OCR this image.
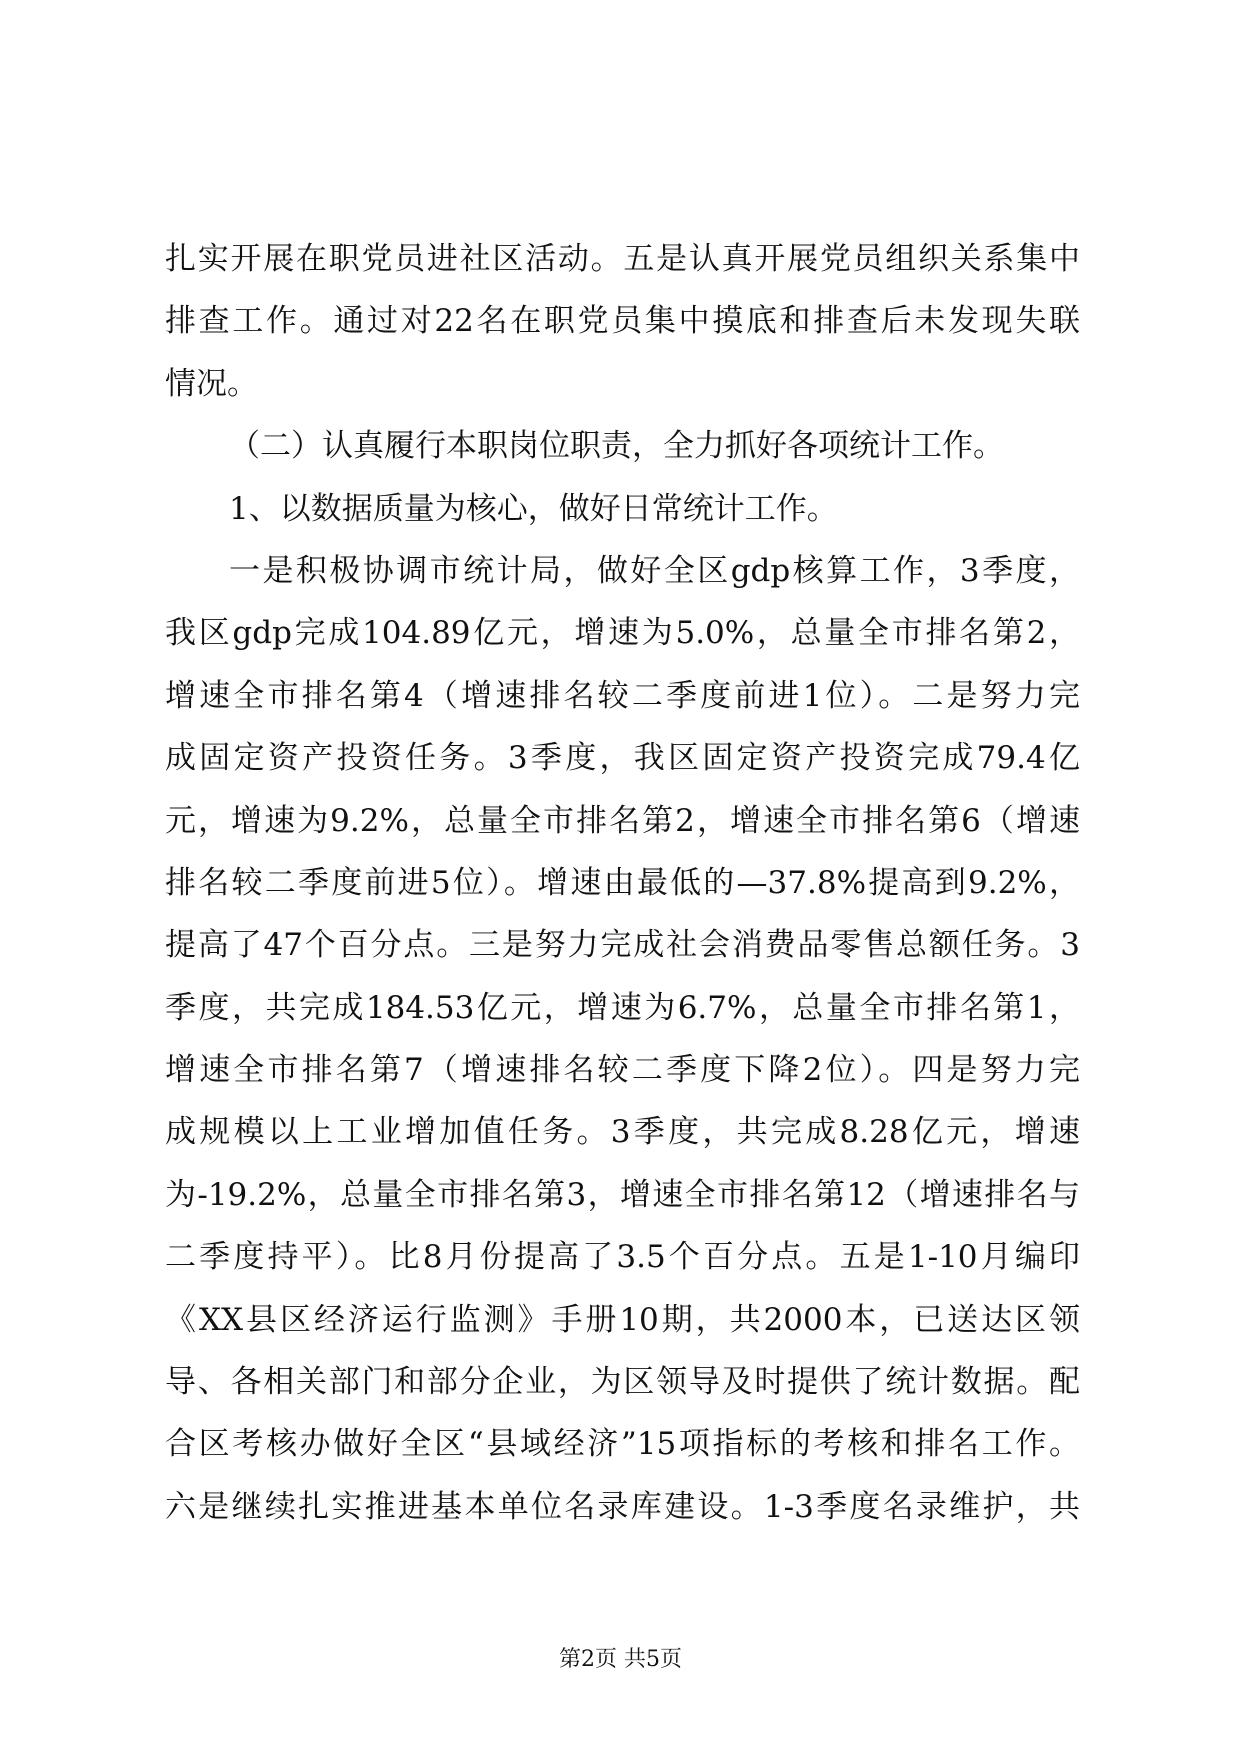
扎实开展在职党员进社区活动。五是认真开展党员组织关系集中
排查工作。通过对22名在职党员集中摸底和排查后未发现失联
情况。
（二）认真履行本职岗位职责，全力抓好各项统计工作。
1、以数据质量为核心，做好日常统计工作。
一是积极协调市统计局，做好全区gdp核算工作，3季度，
我区gdp完成104.89亿元，增速为5.0%，总量全市排名第2，
增速全市排名第4（增速排名较二季度前进1位）。二是努力完
成固定资产投资任务。3季度，我区固定资产投资完成79.4亿
元，增速为9.2%，总量全市排名第2，增速全市排名第6（增速
排名较二季度前进5位）。增速由最低的—37.8%提高到9.2%，
提高了47个百分点。三是努力完成社会消费品零售总额任务。3
季度，共完成184.53亿元，增速为6.7%，总量全市排名第1，
增速全市排名第7（增速排名较二季度下降2位）。四是努力完
成规模以上工业增加值任务。3季度，共完成8.28亿元，增速
为-19.2%，总量全市排名第3，增速全市排名第12（增速排名与
二季度持平）。比8月份提高了3.5个百分点。五是1-10月编印
《XX县区经济运行监测》手册10期，共2000本，已送达区领
导、各相关部门和部分企业，为区领导及时提供了统计数据。配
合区考核办做好全区“县域经济”15项指标的考核和排名工作。
六是继续扎实推进基本单位名录库建设。1-3季度名录维护，共
第2页 共5页
